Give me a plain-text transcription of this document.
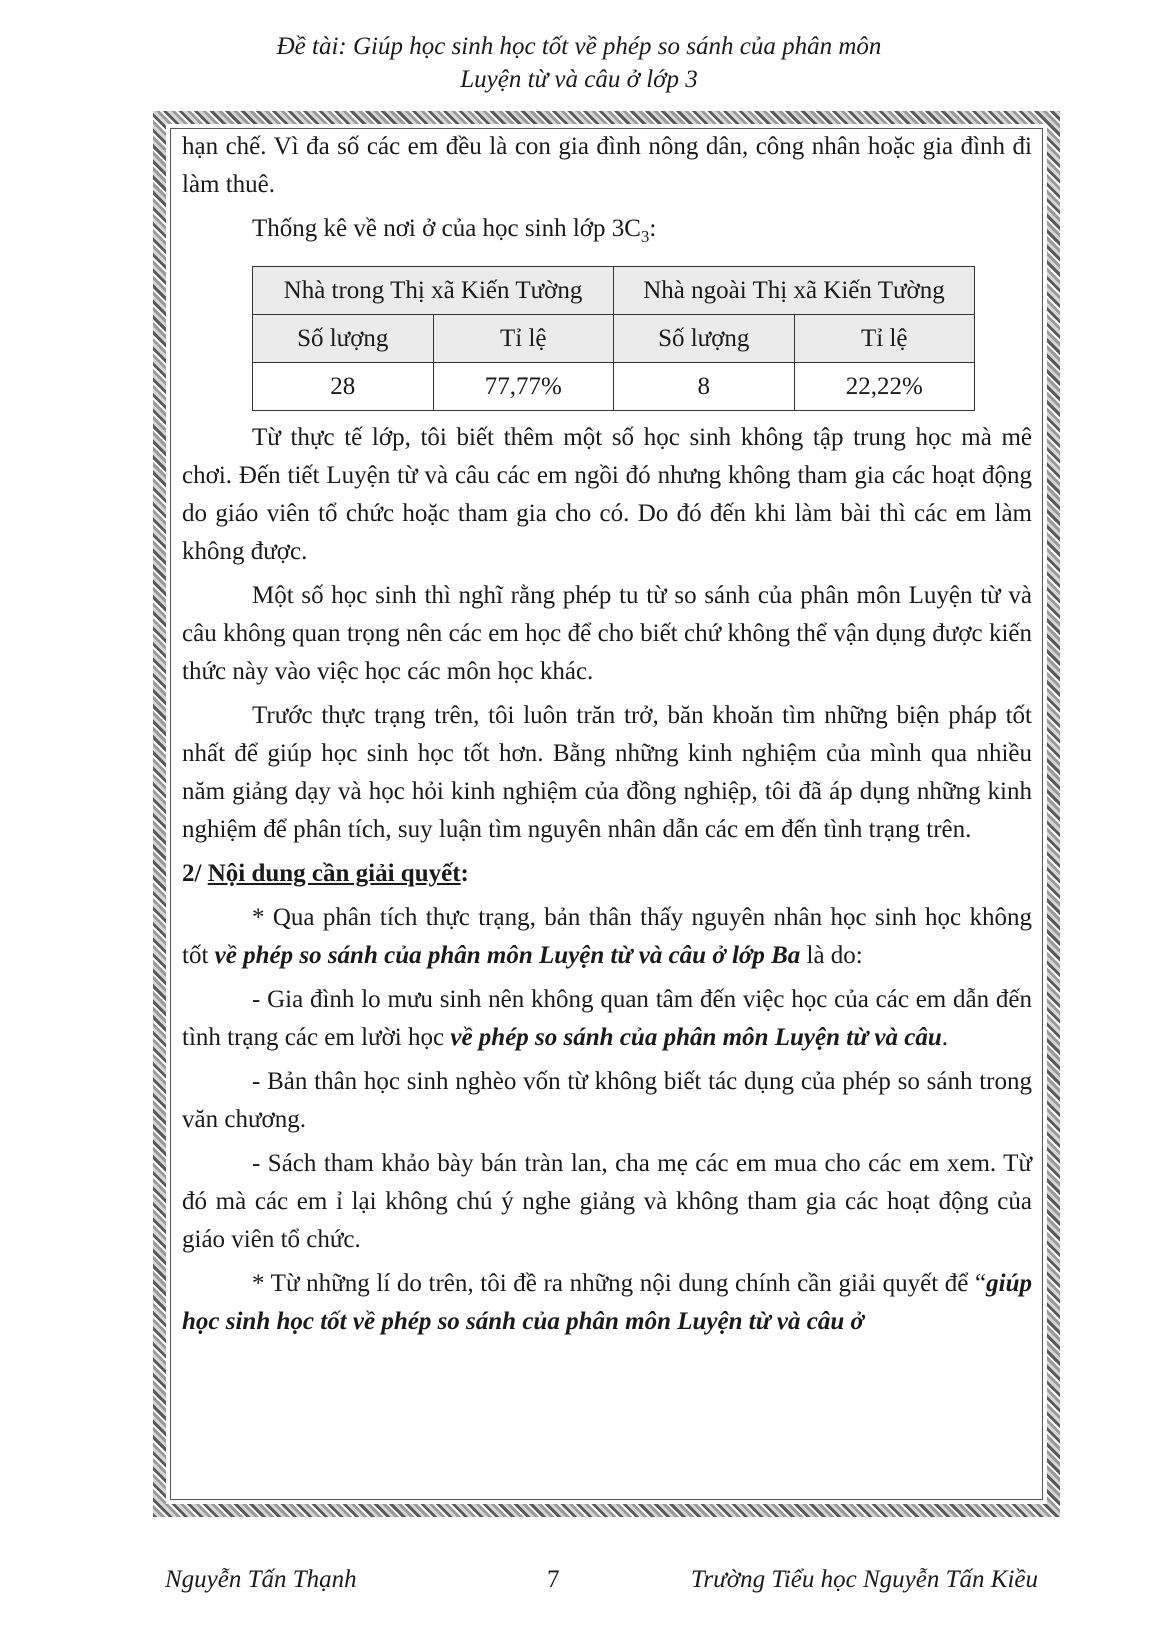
Đề tài: Giúp học sinh học tốt về phép so sánh của phân môn
Luyện từ và câu ở lớp 3

hạn chế. Vì đa số các em đều là con gia đình nông dân, công nhân hoặc gia đình đi làm thuê.

Thống kê về nơi ở của học sinh lớp $3C_3$:

Nhà trong Thị xã Kiến Tường		Nhà ngoài Thị xã Kiến Tường	
Số lượng	Tỉ lệ	Số lượng	Tỉ lệ
28	77,77%	8	22,22%

Từ thực tế lớp, tôi biết thêm một số học sinh không tập trung học mà mê chơi. Đến tiết Luyện từ và câu các em ngồi đó nhưng không tham gia các hoạt động do giáo viên tổ chức hoặc tham gia cho có. Do đó đến khi làm bài thì các em làm không được.

Một số học sinh thì nghĩ rằng phép tu từ so sánh của phân môn Luyện từ và câu không quan trọng nên các em học để cho biết chứ không thể vận dụng được kiến thức này vào việc học các môn học khác.

Trước thực trạng trên, tôi luôn trăn trở, băn khoăn tìm những biện pháp tốt nhất để giúp học sinh học tốt hơn. Bằng những kinh nghiệm của mình qua nhiều năm giảng dạy và học hỏi kinh nghiệm của đồng nghiệp, tôi đã áp dụng những kinh nghiệm để phân tích, suy luận tìm nguyên nhân dẫn các em đến tình trạng trên.

2/ Nội dung cần giải quyết:

* Qua phân tích thực trạng, bản thân thấy nguyên nhân học sinh học không tốt về phép so sánh của phân môn Luyện từ và câu ở lớp Ba là do:

- Gia đình lo mưu sinh nên không quan tâm đến việc học của các em dẫn đến tình trạng các em lười học về phép so sánh của phân môn Luyện từ và câu.

- Bản thân học sinh nghèo vốn từ không biết tác dụng của phép so sánh trong văn chương.

- Sách tham khảo bày bán tràn lan, cha mẹ các em mua cho các em xem. Từ đó mà các em ỉ lại không chú ý nghe giảng và không tham gia các hoạt động của giáo viên tổ chức.

* Từ những lí do trên, tôi đề ra những nội dung chính cần giải quyết để “giúp học sinh học tốt về phép so sánh của phân môn Luyện từ và câu ở

Nguyễn Tấn Thạnh	7	Trường Tiểu học Nguyễn Tấn Kiều
